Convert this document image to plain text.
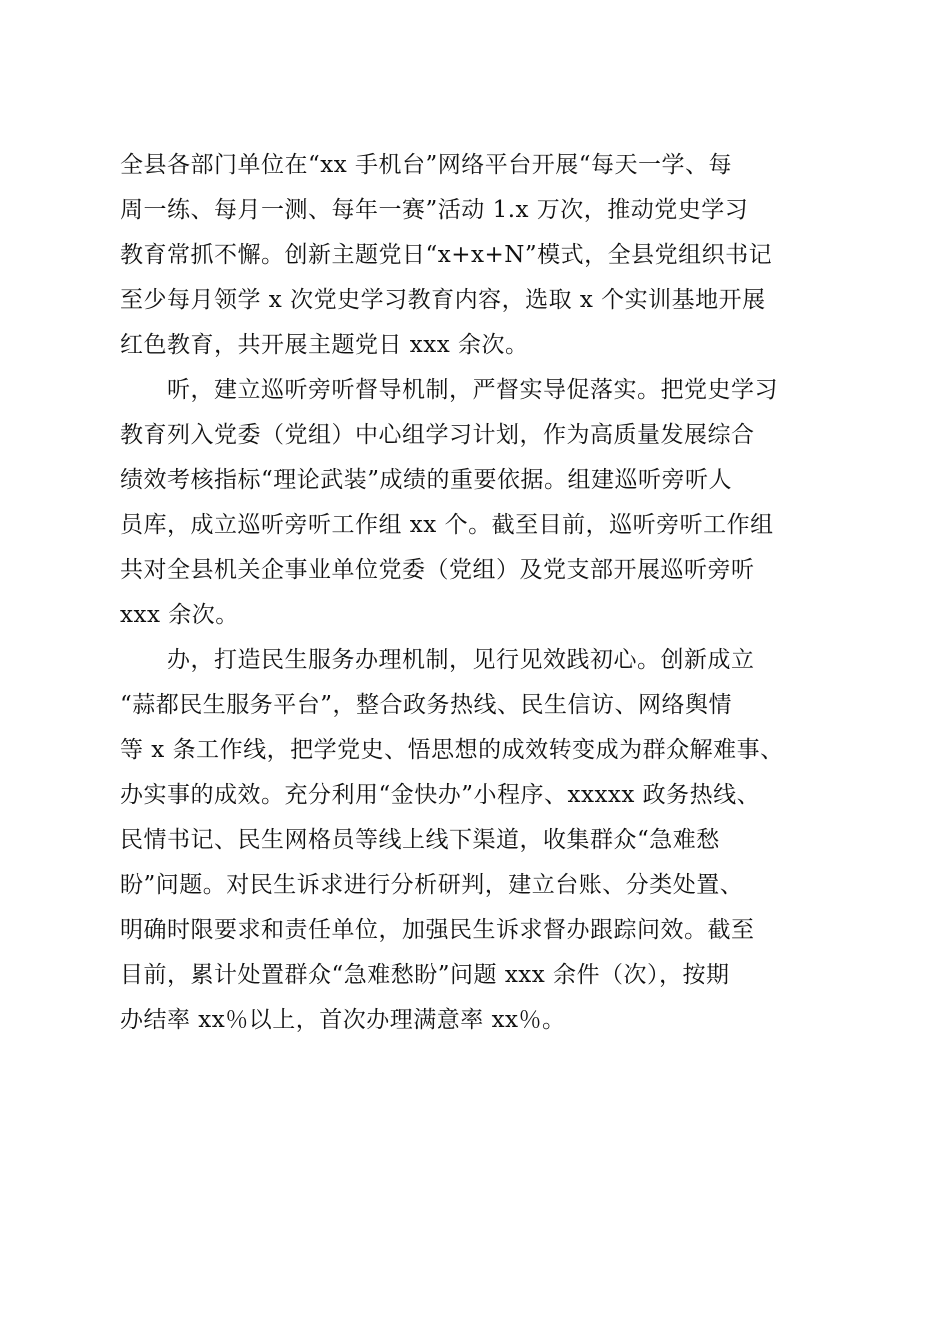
全县各部门单位在“xx 手机台”网络平台开展“每天一学、每
周一练、每月一测、每年一赛”活动 1.x 万次，推动党史学习
教育常抓不懈。创新主题党日“x+x+N”模式，全县党组织书记
至少每月领学 x 次党史学习教育内容，选取 x 个实训基地开展
红色教育，共开展主题党日 xxx 余次。
听，建立巡听旁听督导机制，严督实导促落实。把党史学习
教育列入党委（党组）中心组学习计划，作为高质量发展综合
绩效考核指标“理论武装”成绩的重要依据。组建巡听旁听人
员库，成立巡听旁听工作组 xx 个。截至目前，巡听旁听工作组
共对全县机关企事业单位党委（党组）及党支部开展巡听旁听
xxx 余次。
办，打造民生服务办理机制，见行见效践初心。创新成立
“蒜都民生服务平台”，整合政务热线、民生信访、网络舆情
等 x 条工作线，把学党史、悟思想的成效转变成为群众解难事、
办实事的成效。充分利用“金快办”小程序、xxxxx 政务热线、
民情书记、民生网格员等线上线下渠道，收集群众“急难愁
盼”问题。对民生诉求进行分析研判，建立台账、分类处置、
明确时限要求和责任单位，加强民生诉求督办跟踪问效。截至
目前，累计处置群众“急难愁盼”问题 xxx 余件（次），按期
办结率 xx％以上，首次办理满意率 xx％。
